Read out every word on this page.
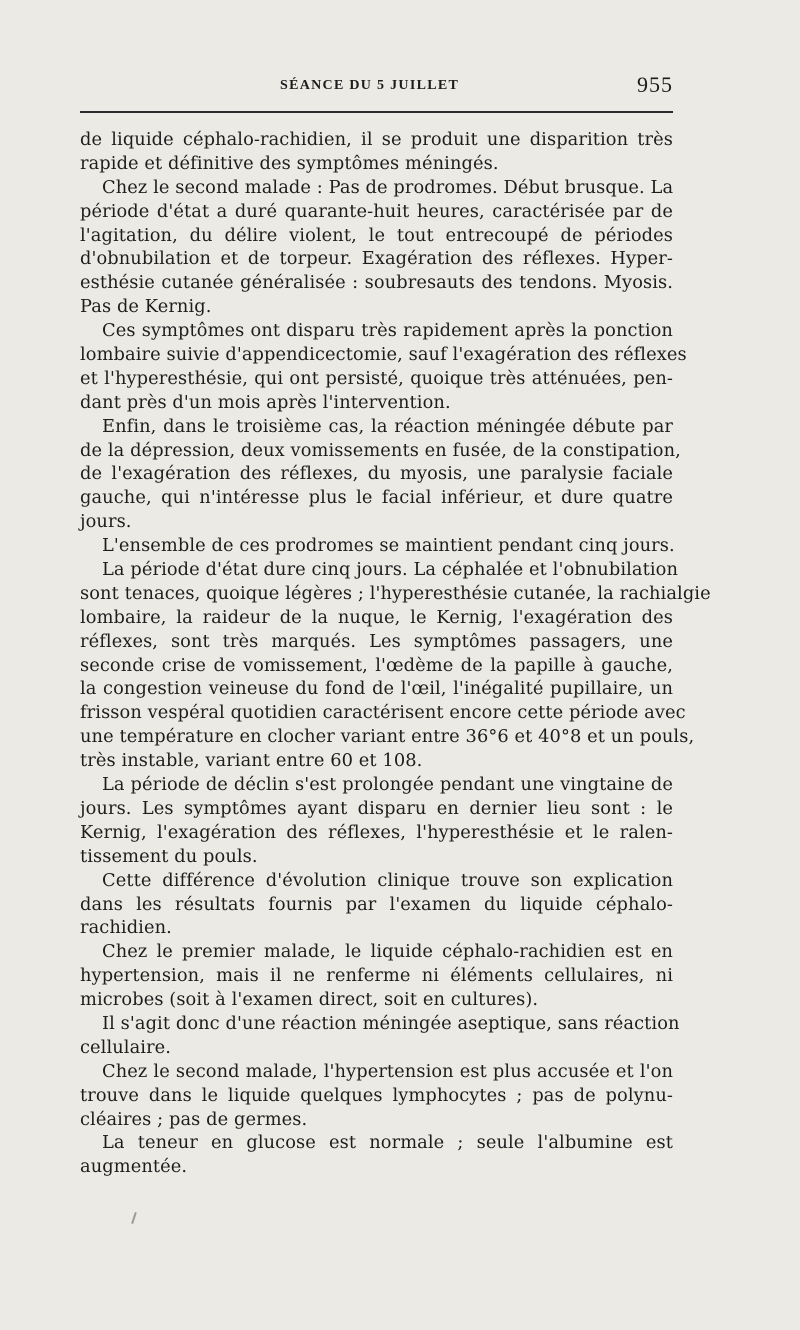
SÉANCE DU 5 JUILLET	955
de liquide céphalo-rachidien, il se produit une disparition très
rapide et définitive des symptômes méningés.
Chez le second malade : Pas de prodromes. Début brusque. La
période d'état a duré quarante-huit heures, caractérisée par de
l'agitation, du délire violent, le tout entrecoupé de périodes
d'obnubilation et de torpeur. Exagération des réflexes. Hyper-
esthésie cutanée généralisée : soubresauts des tendons. Myosis.
Pas de Kernig.
Ces symptômes ont disparu très rapidement après la ponction
lombaire suivie d'appendicectomie, sauf l'exagération des réflexes
et l'hyperesthésie, qui ont persisté, quoique très atténuées, pen-
dant près d'un mois après l'intervention.
Enfin, dans le troisième cas, la réaction méningée débute par
de la dépression, deux vomissements en fusée, de la constipation,
de l'exagération des réflexes, du myosis, une paralysie faciale
gauche, qui n'intéresse plus le facial inférieur, et dure quatre
jours.
L'ensemble de ces prodromes se maintient pendant cinq jours.
La période d'état dure cinq jours. La céphalée et l'obnubilation
sont tenaces, quoique légères ; l'hyperesthésie cutanée, la rachialgie
lombaire, la raideur de la nuque, le Kernig, l'exagération des
réflexes, sont très marqués. Les symptômes passagers, une
seconde crise de vomissement, l'œdème de la papille à gauche,
la congestion veineuse du fond de l'œil, l'inégalité pupillaire, un
frisson vespéral quotidien caractérisent encore cette période avec
une température en clocher variant entre 36°6 et 40°8 et un pouls,
très instable, variant entre 60 et 108.
La période de déclin s'est prolongée pendant une vingtaine de
jours. Les symptômes ayant disparu en dernier lieu sont : le
Kernig, l'exagération des réflexes, l'hyperesthésie et le ralen-
tissement du pouls.
Cette différence d'évolution clinique trouve son explication
dans les résultats fournis par l'examen du liquide céphalo-
rachidien.
Chez le premier malade, le liquide céphalo-rachidien est en
hypertension, mais il ne renferme ni éléments cellulaires, ni
microbes (soit à l'examen direct, soit en cultures).
Il s'agit donc d'une réaction méningée aseptique, sans réaction
cellulaire.
Chez le second malade, l'hypertension est plus accusée et l'on
trouve dans le liquide quelques lymphocytes ; pas de polynu-
cléaires ; pas de germes.
La teneur en glucose est normale ; seule l'albumine est
augmentée.
